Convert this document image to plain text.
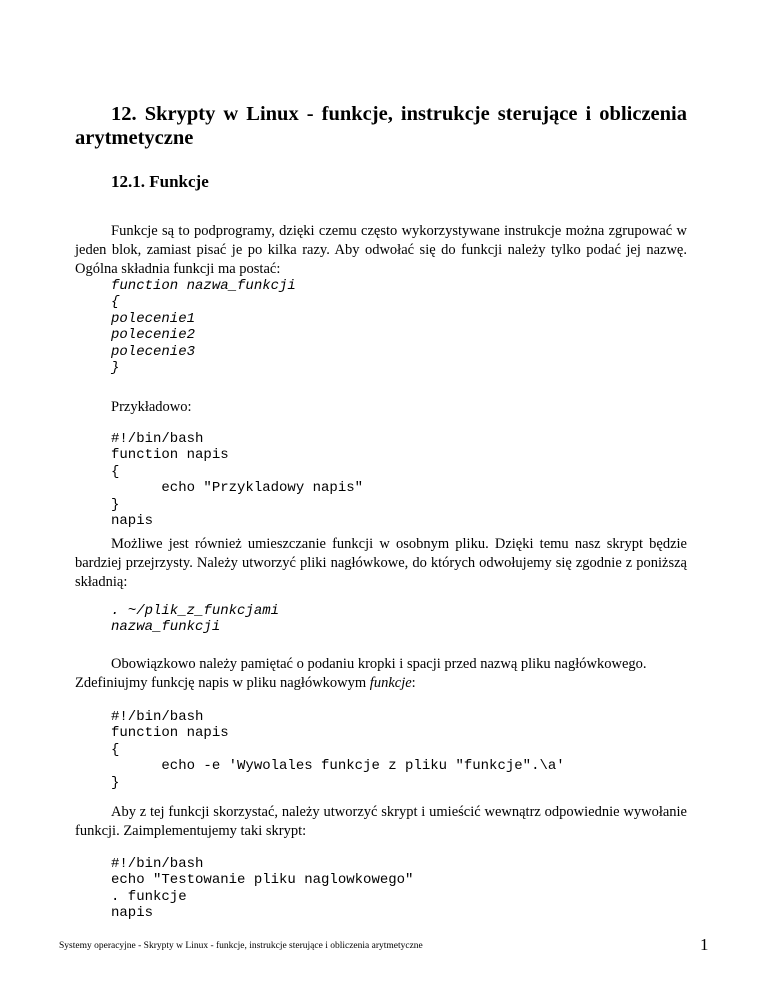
12. Skrypty w Linux - funkcje, instrukcje sterujące i obliczenia arytmetyczne
12.1. Funkcje

Funkcje są to podprogramy, dzięki czemu często wykorzystywane instrukcje można zgrupować w jeden blok, zamiast pisać je po kilka razy. Aby odwołać się do funkcji należy tylko podać jej nazwę. Ogólna składnia funkcji ma postać:

function nazwa_funkcji
{
polecenie1
polecenie2
polecenie3
}

Przykładowo:

#!/bin/bash
function napis
{
echo "Przykladowy napis"
}
napis

Możliwe jest również umieszczanie funkcji w osobnym pliku. Dzięki temu nasz skrypt będzie bardziej przejrzysty. Należy utworzyć pliki nagłówkowe, do których odwołujemy się zgodnie z poniższą składnią:

. ~/plik_z_funkcjami
nazwa_funkcji

Obowiązkowo należy pamiętać o podaniu kropki i spacji przed nazwą pliku nagłówkowego.
Zdefiniujmy funkcję napis w pliku nagłówkowym funkcje:

#!/bin/bash
function napis
{
echo -e 'Wywolales funkcje z pliku "funkcje".\a'
}

Aby z tej funkcji skorzystać, należy utworzyć skrypt i umieścić wewnątrz odpowiednie wywołanie funkcji. Zaimplementujemy taki skrypt:

#!/bin/bash
echo "Testowanie pliku naglowkowego"
. funkcje
napis
Systemy operacyjne - Skrypty w Linux - funkcje, instrukcje sterujące i obliczenia arytmetyczne	1
